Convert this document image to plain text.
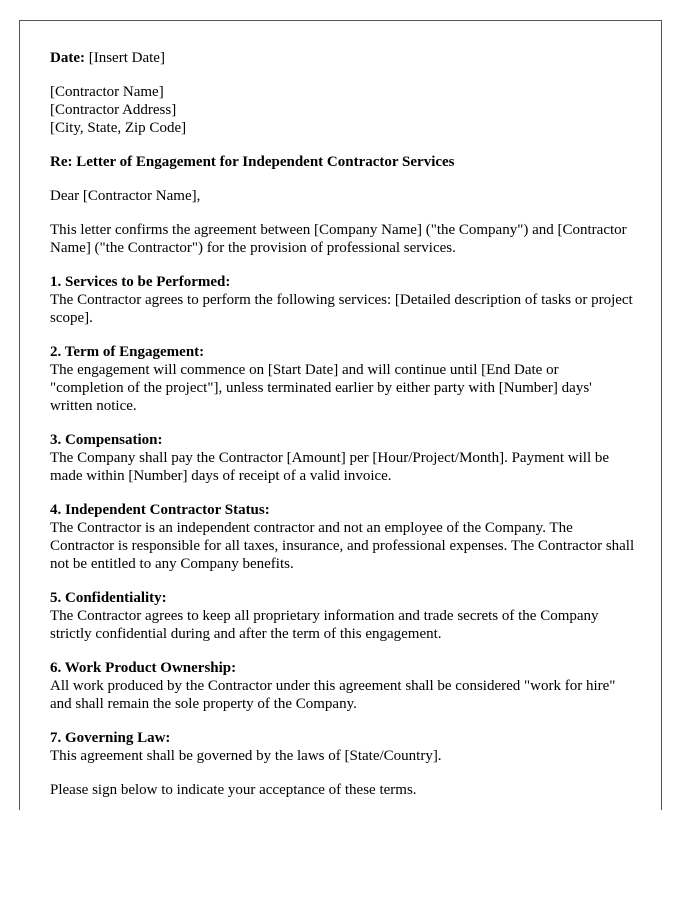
Date: [Insert Date]
[Contractor Name]
[Contractor Address]
[City, State, Zip Code]
Re: Letter of Engagement for Independent Contractor Services
Dear [Contractor Name],
This letter confirms the agreement between [Company Name] ("the Company") and [Contractor Name] ("the Contractor") for the provision of professional services.
1. Services to be Performed:
The Contractor agrees to perform the following services: [Detailed description of tasks or project scope].
2. Term of Engagement:
The engagement will commence on [Start Date] and will continue until [End Date or "completion of the project"], unless terminated earlier by either party with [Number] days' written notice.
3. Compensation:
The Company shall pay the Contractor [Amount] per [Hour/Project/Month]. Payment will be made within [Number] days of receipt of a valid invoice.
4. Independent Contractor Status:
The Contractor is an independent contractor and not an employee of the Company. The Contractor is responsible for all taxes, insurance, and professional expenses. The Contractor shall not be entitled to any Company benefits.
5. Confidentiality:
The Contractor agrees to keep all proprietary information and trade secrets of the Company strictly confidential during and after the term of this engagement.
6. Work Product Ownership:
All work produced by the Contractor under this agreement shall be considered "work for hire" and shall remain the sole property of the Company.
7. Governing Law:
This agreement shall be governed by the laws of [State/Country].
Please sign below to indicate your acceptance of these terms.
